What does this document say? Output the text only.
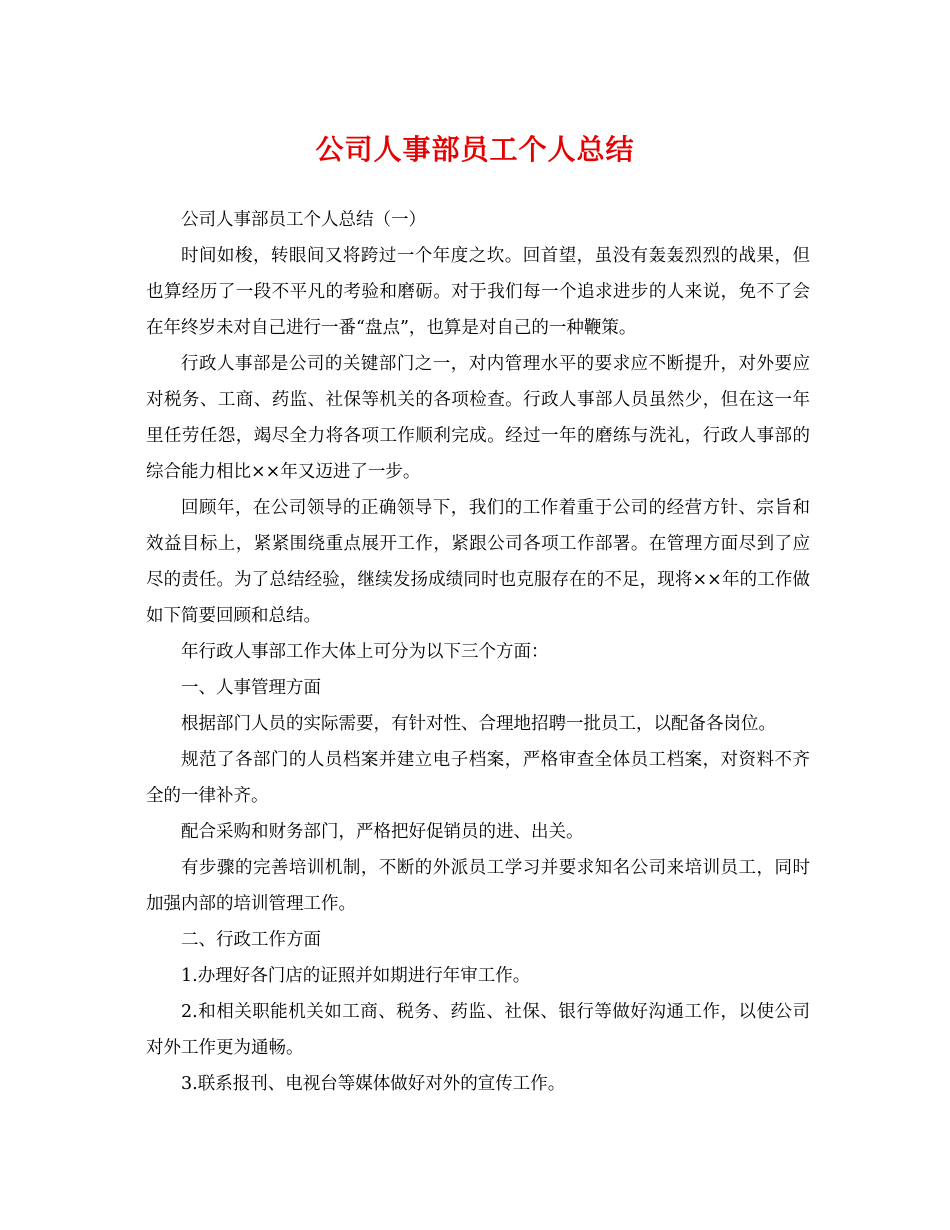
公司人事部员工个人总结

公司人事部员工个人总结（一）

时间如梭，转眼间又将跨过一个年度之坎。回首望，虽没有轰轰烈烈的战果，但也算经历了一段不平凡的考验和磨砺。对于我们每一个追求进步的人来说，免不了会在年终岁未对自己进行一番“盘点”，也算是对自己的一种鞭策。

行政人事部是公司的关键部门之一，对内管理水平的要求应不断提升，对外要应对税务、工商、药监、社保等机关的各项检查。行政人事部人员虽然少，但在这一年里任劳任怨，竭尽全力将各项工作顺利完成。经过一年的磨练与洗礼，行政人事部的综合能力相比××年又迈进了一步。

回顾年，在公司领导的正确领导下，我们的工作着重于公司的经营方针、宗旨和效益目标上，紧紧围绕重点展开工作，紧跟公司各项工作部署。在管理方面尽到了应尽的责任。为了总结经验，继续发扬成绩同时也克服存在的不足，现将××年的工作做如下简要回顾和总结。

年行政人事部工作大体上可分为以下三个方面：

一、人事管理方面

根据部门人员的实际需要，有针对性、合理地招聘一批员工，以配备各岗位。

规范了各部门的人员档案并建立电子档案，严格审查全体员工档案，对资料不齐全的一律补齐。

配合采购和财务部门，严格把好促销员的进、出关。

有步骤的完善培训机制，不断的外派员工学习并要求知名公司来培训员工，同时加强内部的培训管理工作。

二、行政工作方面

1.办理好各门店的证照并如期进行年审工作。

2.和相关职能机关如工商、税务、药监、社保、银行等做好沟通工作，以使公司对外工作更为通畅。

3.联系报刊、电视台等媒体做好对外的宣传工作。
